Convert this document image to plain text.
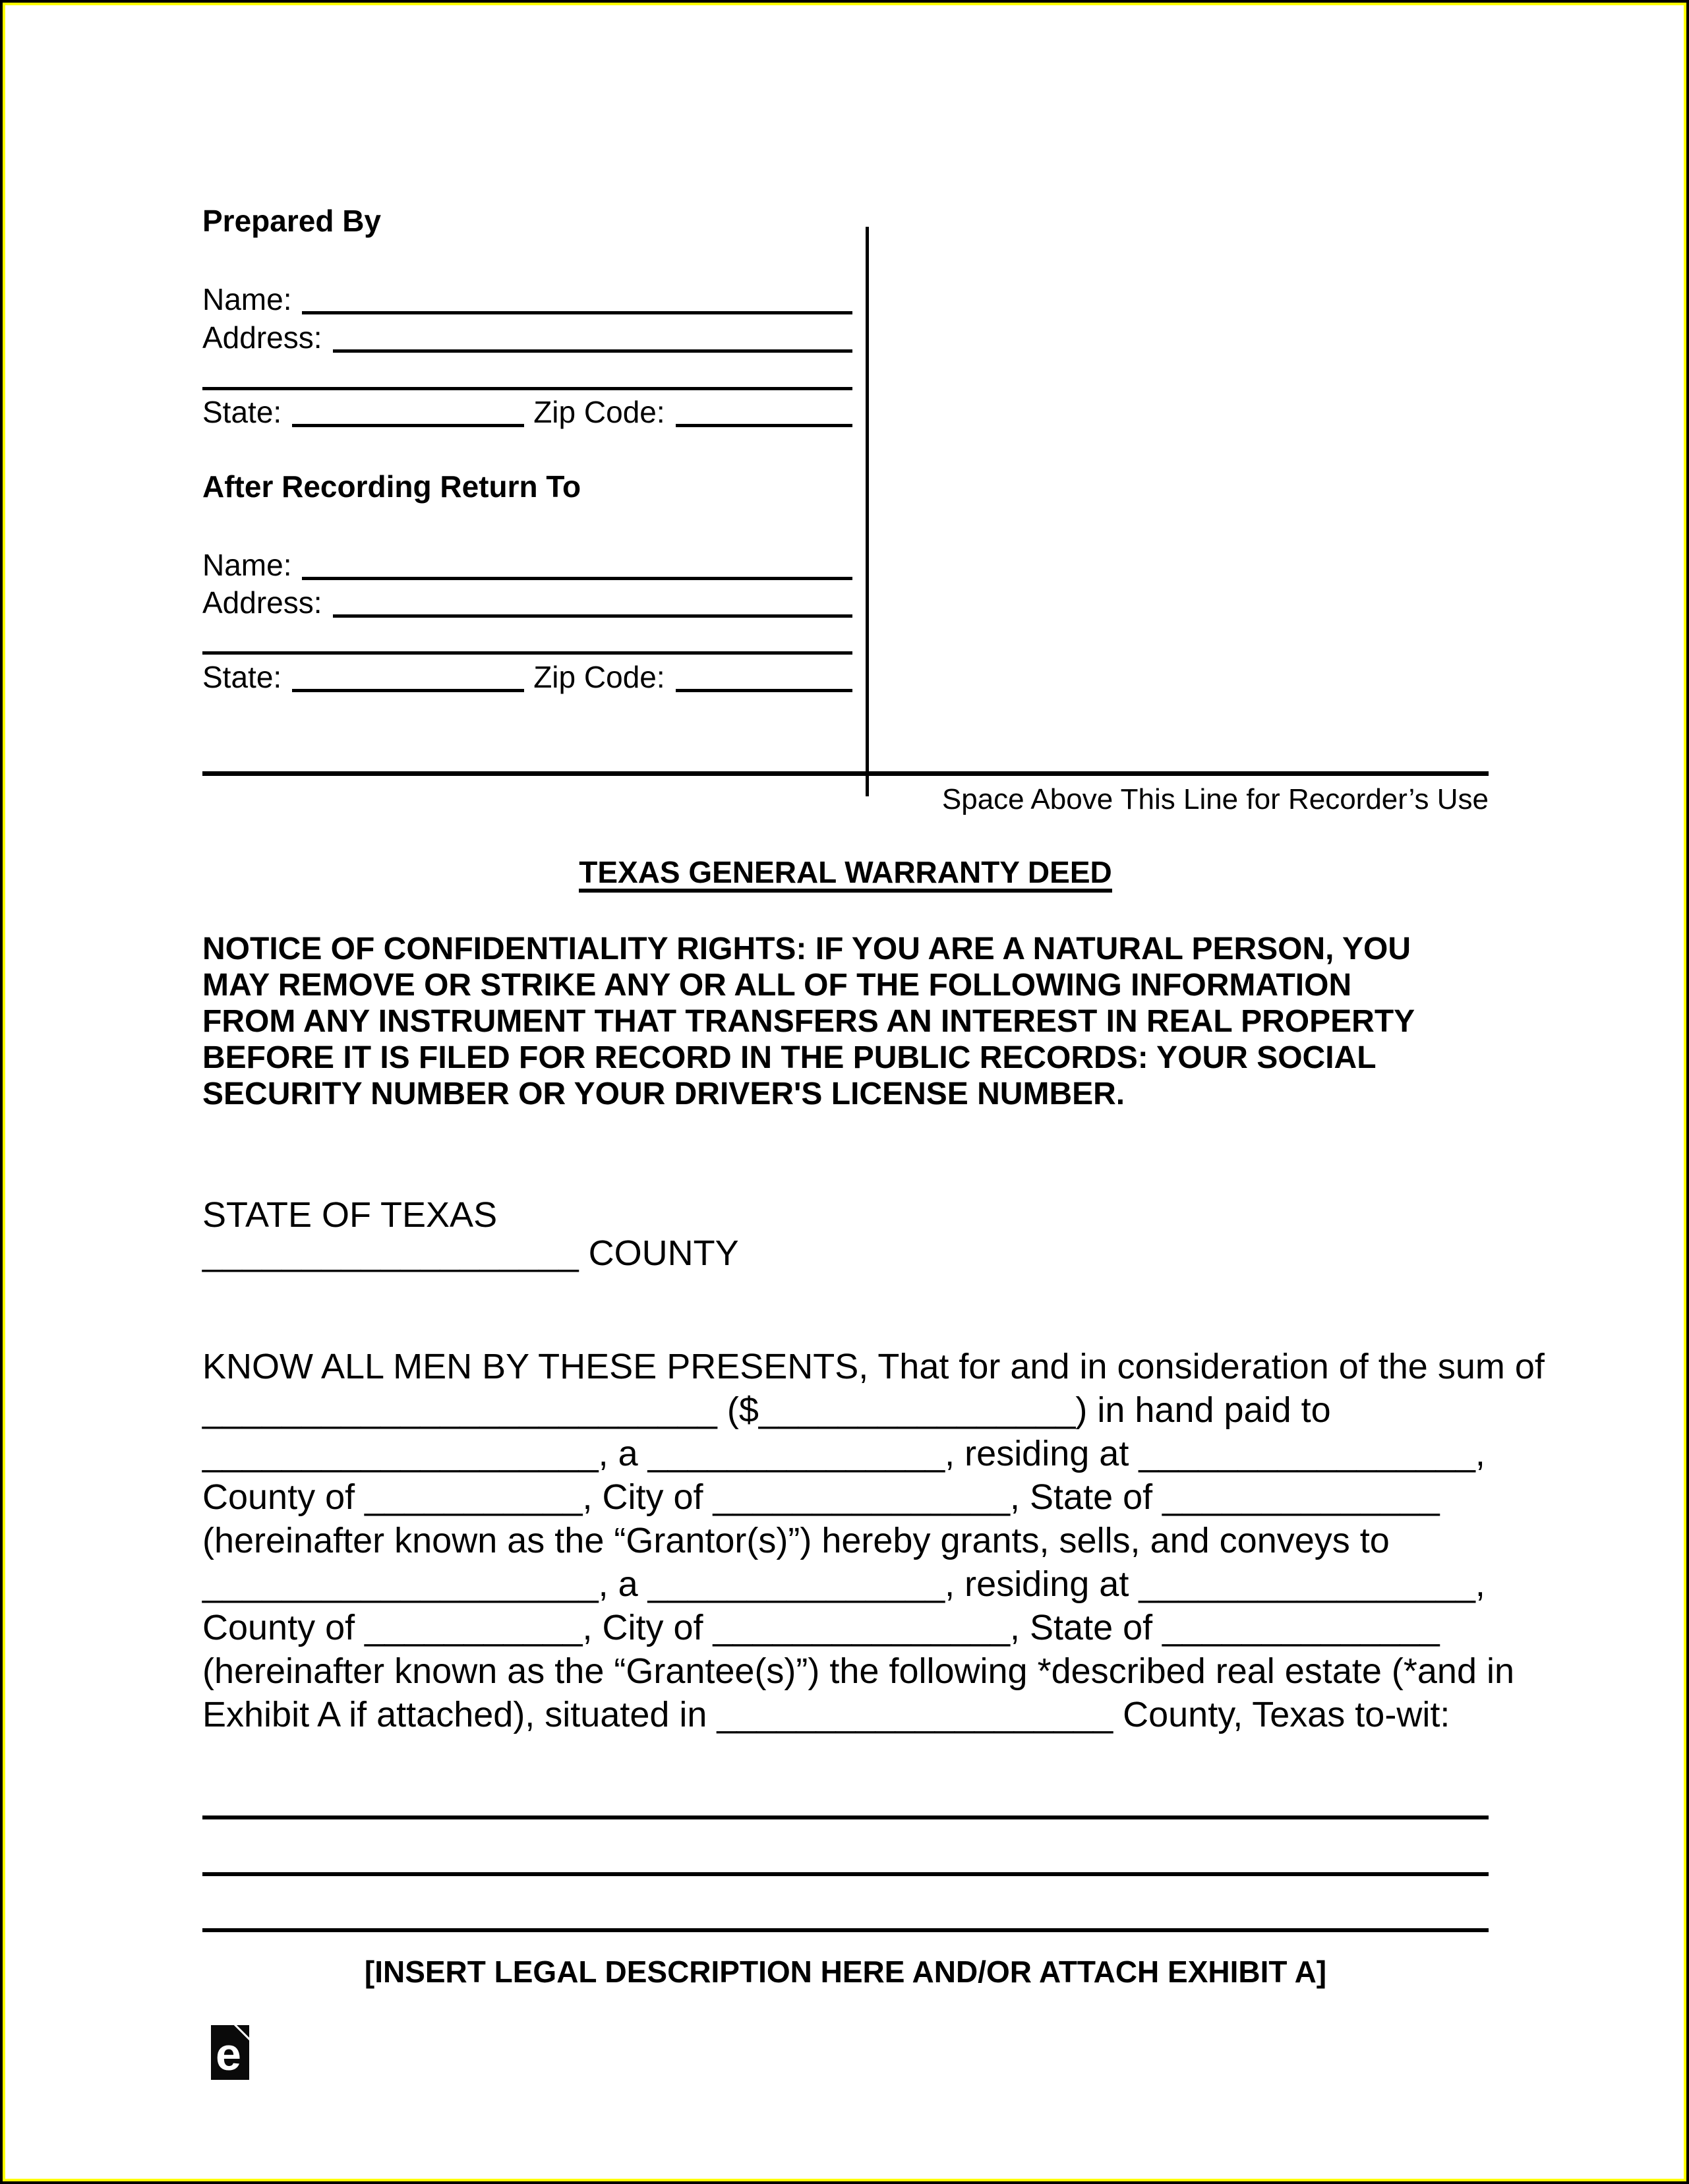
Prepared By
Name:
Address:
State:	Zip Code:
After Recording Return To
Name:
Address:
State:	Zip Code:
Space Above This Line for Recorder’s Use
TEXAS GENERAL WARRANTY DEED
NOTICE OF CONFIDENTIALITY RIGHTS: IF YOU ARE A NATURAL PERSON, YOU
MAY REMOVE OR STRIKE ANY OR ALL OF THE FOLLOWING INFORMATION
FROM ANY INSTRUMENT THAT TRANSFERS AN INTEREST IN REAL PROPERTY
BEFORE IT IS FILED FOR RECORD IN THE PUBLIC RECORDS: YOUR SOCIAL
SECURITY NUMBER OR YOUR DRIVER'S LICENSE NUMBER.
STATE OF TEXAS
___________________ COUNTY
KNOW ALL MEN BY THESE PRESENTS, That for and in consideration of the sum of
__________________________ ($________________) in hand paid to
____________________, a _______________, residing at _________________,
County of ___________, City of _______________, State of ______________
(hereinafter known as the “Grantor(s)”) hereby grants, sells, and conveys to
____________________, a _______________, residing at _________________,
County of ___________, City of _______________, State of ______________
(hereinafter known as the “Grantee(s)”) the following *described real estate (*and in
Exhibit A if attached), situated in ____________________ County, Texas to-wit:
[INSERT LEGAL DESCRIPTION HERE AND/OR ATTACH EXHIBIT A]
e
